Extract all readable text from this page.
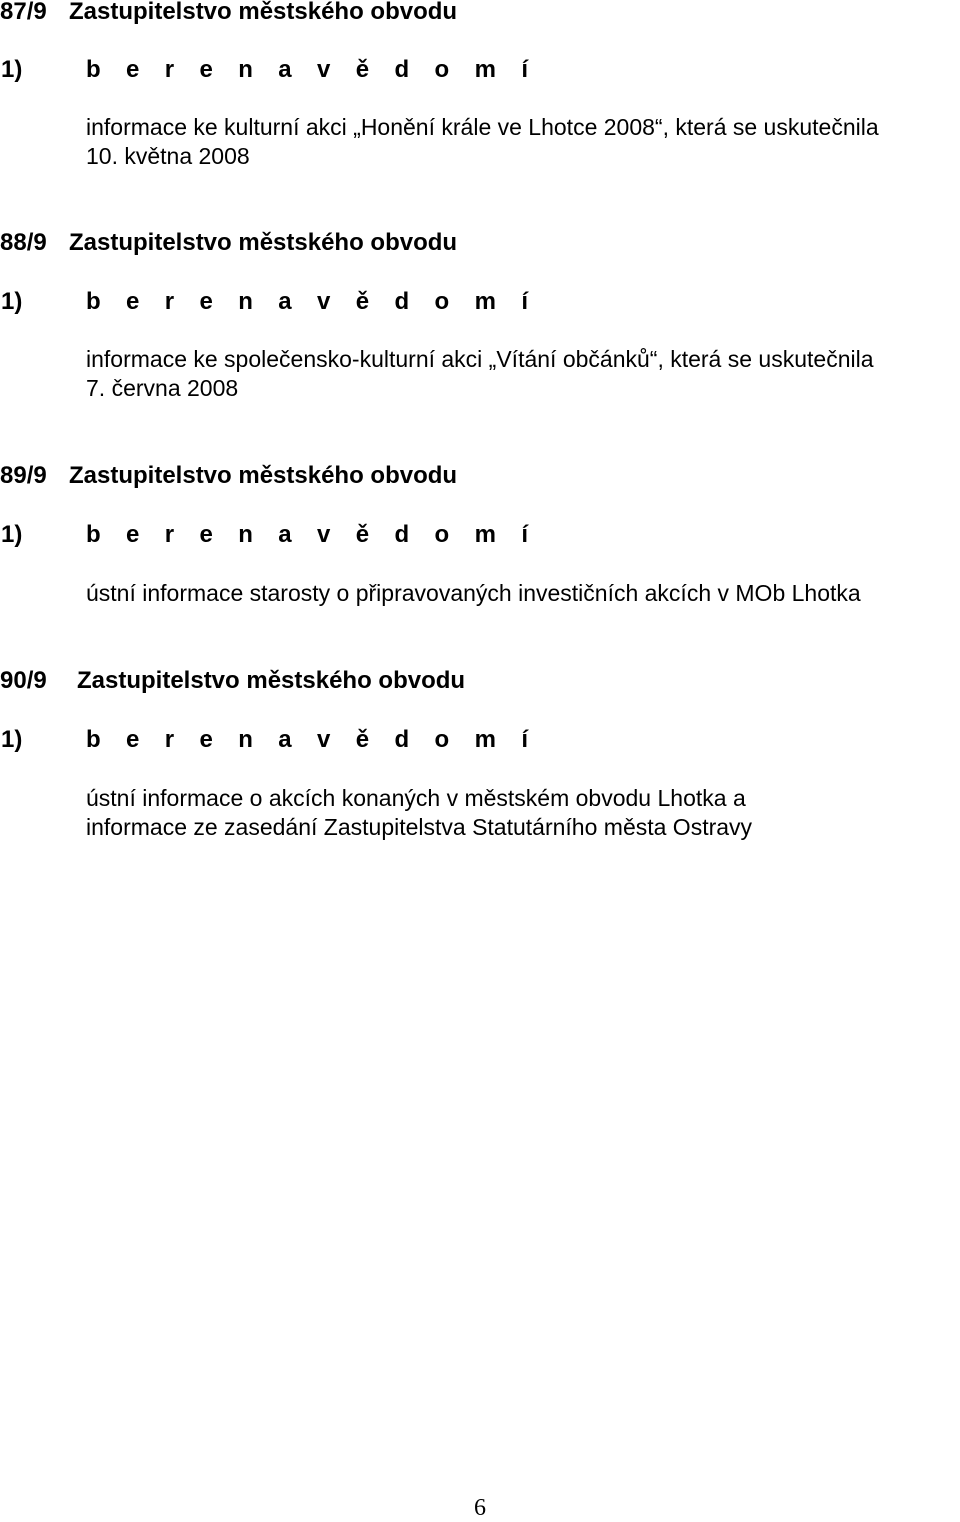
87/9 Zastupitelstvo městského obvodu
1)	b e r e n a v ě d o m í
informace ke kulturní akci „Honění krále ve Lhotce 2008“, která se uskutečnila
10. května 2008
88/9 Zastupitelstvo městského obvodu
1)	b e r e n a v ě d o m í
informace ke společensko-kulturní akci „Vítání občánků“, která se uskutečnila
7. června 2008
89/9 Zastupitelstvo městského obvodu
1)	b e r e n a v ě d o m í
ústní informace starosty o připravovaných investičních akcích v MOb Lhotka
90/9 Zastupitelstvo městského obvodu
1)	b e r e n a v ě d o m í
ústní informace o akcích konaných v městském obvodu Lhotka a
informace ze zasedání Zastupitelstva Statutárního města Ostravy
6
